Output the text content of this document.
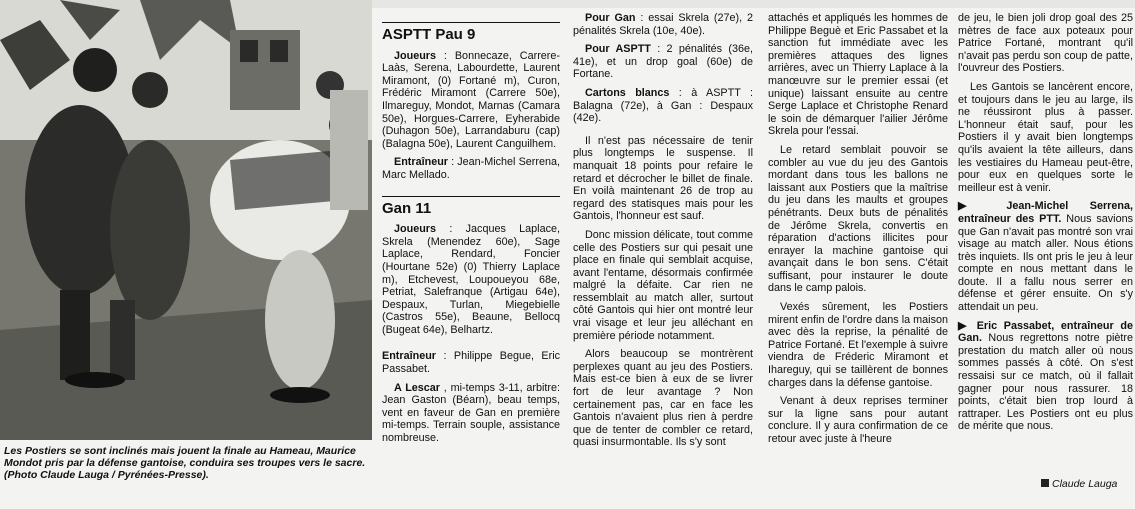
Les Postiers se sont inclinés mais jouent la finale au Hameau, Maurice Mondot pris par la défense gantoise, conduira ses troupes vers le sacre. (Photo Claude Lauga / Pyrénées-Presse).
ASPTT Pau 9

Joueurs : Bonnecaze, Carrere-Laàs, Serena, Labourdette, Laurent Miramont, (0) Fortané m), Curon, Frédéric Miramont (Carrere 50e), Ilmareguy, Mondot, Marnas (Camara 50e), Horgues-Carrere, Eyherabide (Duhagon 50e), Larrandaburu (cap) (Balagna 50e), Laurent Canguilhem.

Entraîneur : Jean-Michel Serrena, Marc Mellado.

Gan 11

Joueurs : Jacques Laplace, Skrela (Menendez 60e), Sage Laplace, Rendard, Foncier (Hourtane 52e) (0) Thierry Laplace m), Etchevest, Loupoueyou 68e, Petriat, Salefranque (Artigau 64e), Despaux, Turlan, Miegebielle (Castros 55e), Beaune, Bellocq (Bugeat 64e), Belhartz.

Entraîneur : Philippe Begue, Eric Passabet.

A Lescar , mi-temps 3-11, arbitre: Jean Gaston (Béarn), beau temps, vent en faveur de Gan en première mi-temps. Terrain souple, assistance nombreuse.

Pour Gan : essai Skrela (27e), 2 pénalités Skrela (10e, 40e).

Pour ASPTT : 2 pénalités (36e, 41e), et un drop goal (60e) de Fortane.

Cartons blancs : à ASPTT : Balagna (72e), à Gan : Despaux (42e).

Il n'est pas nécessaire de tenir plus longtemps le suspense. Il manquait 18 points pour refaire le retard et décrocher le billet de finale. En voilà maintenant 26 de trop au regard des statisques mais pour les Gantois, l'honneur est sauf.

Donc mission délicate, tout comme celle des Postiers sur qui pesait une place en finale qui semblait acquise, avant l'entame, désormais confirmée malgré la défaite. Car rien ne ressemblait au match aller, surtout côté Gantois qui hier ont montré leur vrai visage et leur jeu alléchant en première période notamment.

Alors beaucoup se montrèrent perplexes quant au jeu des Postiers. Mais est-ce bien à eux de se livrer fort de leur avantage ? Non certainement pas, car en face les Gantois n'avaient plus rien à perdre que de tenter de combler ce retard, quasi insurmontable. Ils s'y sont

attachés et appliqués les hommes de Philippe Beguè et Eric Passabet et la sanction fut immédiate avec les premières attaques des lignes arrières, avec un Thierry Laplace à la manœuvre sur le premier essai (et unique) laissant ensuite au centre Serge Laplace et Christophe Renard le soin de démarquer l'ailier Jérôme Skrela pour l'essai.

Le retard semblait pouvoir se combler au vue du jeu des Gantois mordant dans tous les ballons ne laissant aux Postiers que la maîtrise du jeu dans les maults et groupes pénétrants. Deux buts de pénalités de Jérôme Skrela, convertis en réparation d'actions illicites pour enrayer la machine gantoise qui avançait dans le bon sens. C'était suffisant, pour instaurer le doute dans le camp palois.

Vexés sûrement, les Postiers mirent enfin de l'ordre dans la maison avec dès la reprise, la pénalité de Patrice Fortané. Et l'exemple à suivre viendra de Fréderic Miramont et Ihareguy, qui se taillèrent de bonnes charges dans la défense gantoise.

Venant à deux reprises terminer sur la ligne sans pour autant conclure. Il y aura confirmation de ce retour avec juste à l'heure

de jeu, le bien joli drop goal des 25 mètres de face aux poteaux pour Patrice Fortané, montrant qu'il n'avait pas perdu son coup de patte, l'ouvreur des Postiers.

Les Gantois se lancèrent encore, et toujours dans le jeu au large, ils ne réussiront plus à passer. L'honneur était sauf, pour les Postiers il y avait bien longtemps qu'ils avaient la tête ailleurs, dans les vestiaires du Hameau peut-être, pour eux en quelques sorte le meilleur est à venir.

▶ Jean-Michel Serrena, entraîneur des PTT. Nous savions que Gan n'avait pas montré son vrai visage au match aller. Nous étions très inquiets. Ils ont pris le jeu à leur compte en nous mettant dans le doute. Il a fallu nous serrer en défense et gérer ensuite. On s'y attendait un peu.

▶ Eric Passabet, entraîneur de Gan. Nous regrettons notre piètre prestation du match aller où nous sommes passés à côté. On s'est ressaisi sur ce match, où il fallait gagner pour nous rassurer. 18 points, c'était bien trop lourd à rattraper. Les Postiers ont eu plus de mérite que nous.

Claude Lauga
